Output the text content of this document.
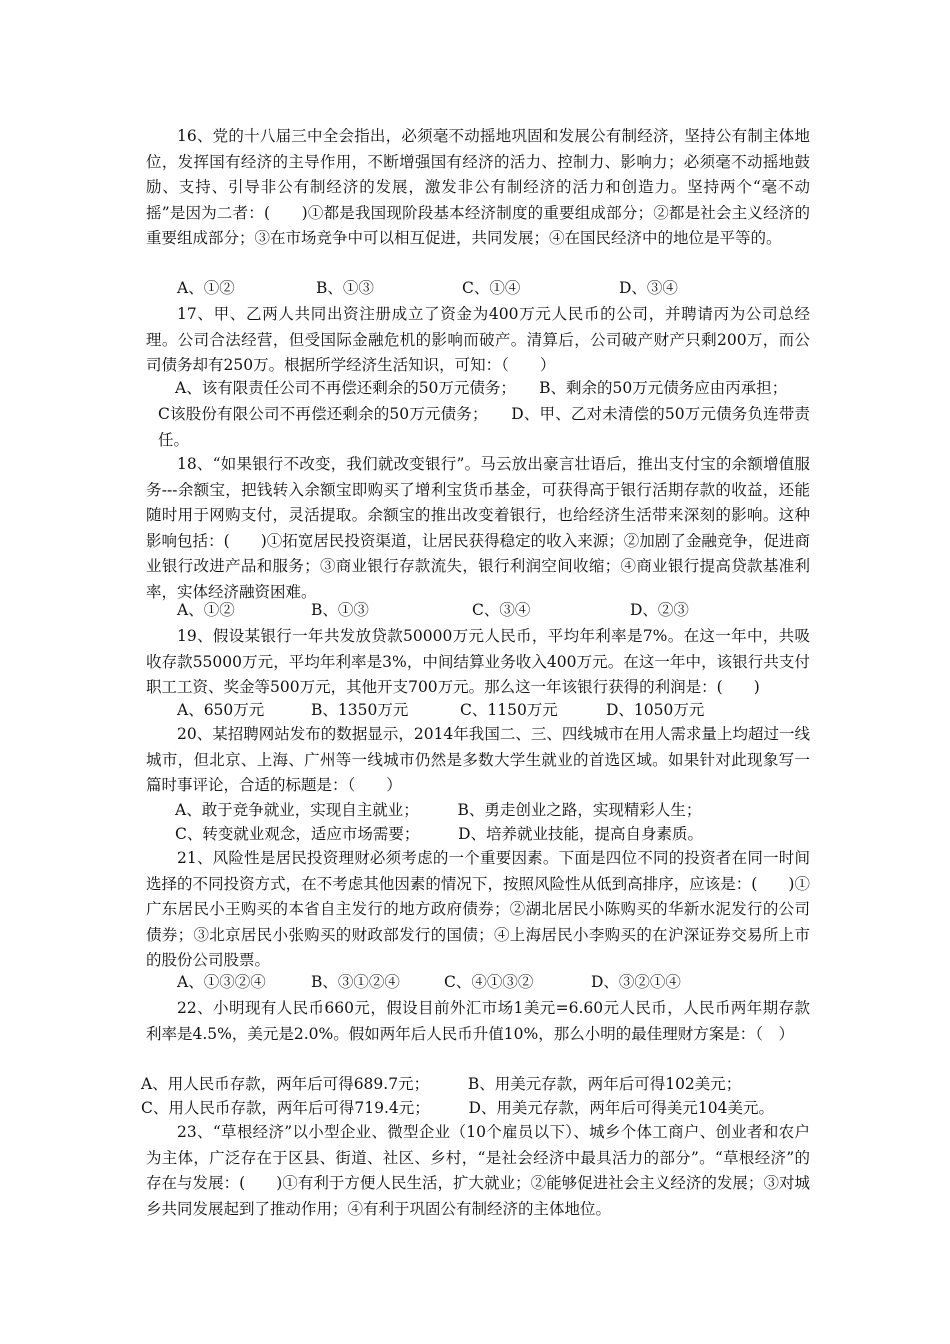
16、党的十八届三中全会指出，必须毫不动摇地巩固和发展公有制经济，坚持公有制主体地位，发挥国有经济的主导作用，不断增强国有经济的活力、控制力、影响力；必须毫不动摇地鼓励、支持、引导非公有制经济的发展，激发非公有制经济的活力和创造力。坚持两个“毫不动摇”是因为二者：(　　)①都是我国现阶段基本经济制度的重要组成部分；②都是社会主义经济的重要组成部分；③在市场竞争中可以相互促进，共同发展；④在国民经济中的地位是平等的。

A、①②	B、①③	C、①④	D、③④

17、甲、乙两人共同出资注册成立了资金为400万元人民币的公司，并聘请丙为公司总经理。公司合法经营，但受国际金融危机的影响而破产。清算后，公司破产财产只剩200万，而公司债务却有250万。根据所学经济生活知识，可知：（　　）

A、该有限责任公司不再偿还剩余的50万元债务；　　B、剩余的50万元债务应由丙承担；

C该股份有限公司不再偿还剩余的50万元债务；　　D、甲、乙对未清偿的50万元债务负连带责任。

18、“如果银行不改变，我们就改变银行”。马云放出豪言壮语后，推出支付宝的余额增值服务---余额宝，把钱转入余额宝即购买了增利宝货币基金，可获得高于银行活期存款的收益，还能随时用于网购支付，灵活提取。余额宝的推出改变着银行，也给经济生活带来深刻的影响。这种影响包括：(　　)①拓宽居民投资渠道，让居民获得稳定的收入来源；②加剧了金融竞争，促进商业银行改进产品和服务；③商业银行存款流失，银行利润空间收缩；④商业银行提高贷款基准利率，实体经济融资困难。

A、①②	B、①③	C、③④	D、②③

19、假设某银行一年共发放贷款50000万元人民币，平均年利率是7%。在这一年中，共吸收存款55000万元，平均年利率是3%，中间结算业务收入400万元。在这一年中，该银行共支付职工工资、奖金等500万元，其他开支700万元。那么这一年该银行获得的利润是：(　　)

A、650万元	B、1350万元	C、1150万元	D、1050万元

20、某招聘网站发布的数据显示，2014年我国二、三、四线城市在用人需求量上均超过一线城市，但北京、上海、广州等一线城市仍然是多数大学生就业的首选区域。如果针对此现象写一篇时事评论，合适的标题是：（　　）

A、敢于竞争就业，实现自主就业；　　　B、勇走创业之路，实现精彩人生；

C、转变就业观念，适应市场需要；　　　D、培养就业技能，提高自身素质。

21、风险性是居民投资理财必须考虑的一个重要因素。下面是四位不同的投资者在同一时间选择的不同投资方式，在不考虑其他因素的情况下，按照风险性从低到高排序，应该是：(　　)①广东居民小王购买的本省自主发行的地方政府债券；②湖北居民小陈购买的华新水泥发行的公司债券；③北京居民小张购买的财政部发行的国债；④上海居民小李购买的在沪深证券交易所上市的股份公司股票。

A、①③②④	B、③①②④	C、④①③②	D、③②①④

22、小明现有人民币660元，假设目前外汇市场1美元=6.60元人民币，人民币两年期存款利率是4.5%，美元是2.0%。假如两年后人民币升值10%，那么小明的最佳理财方案是：（　）

A、用人民币存款，两年后可得689.7元；　　　B、用美元存款，两年后可得102美元；

C、用人民币存款，两年后可得719.4元；　　　D、用美元存款，两年后可得美元104美元。

23、“草根经济”以小型企业、微型企业（10个雇员以下）、城乡个体工商户、创业者和农户为主体，广泛存在于区县、街道、社区、乡村，“是社会经济中最具活力的部分”。“草根经济”的存在与发展：(　　)①有利于方便人民生活，扩大就业；②能够促进社会主义经济的发展；③对城乡共同发展起到了推动作用；④有利于巩固公有制经济的主体地位。
